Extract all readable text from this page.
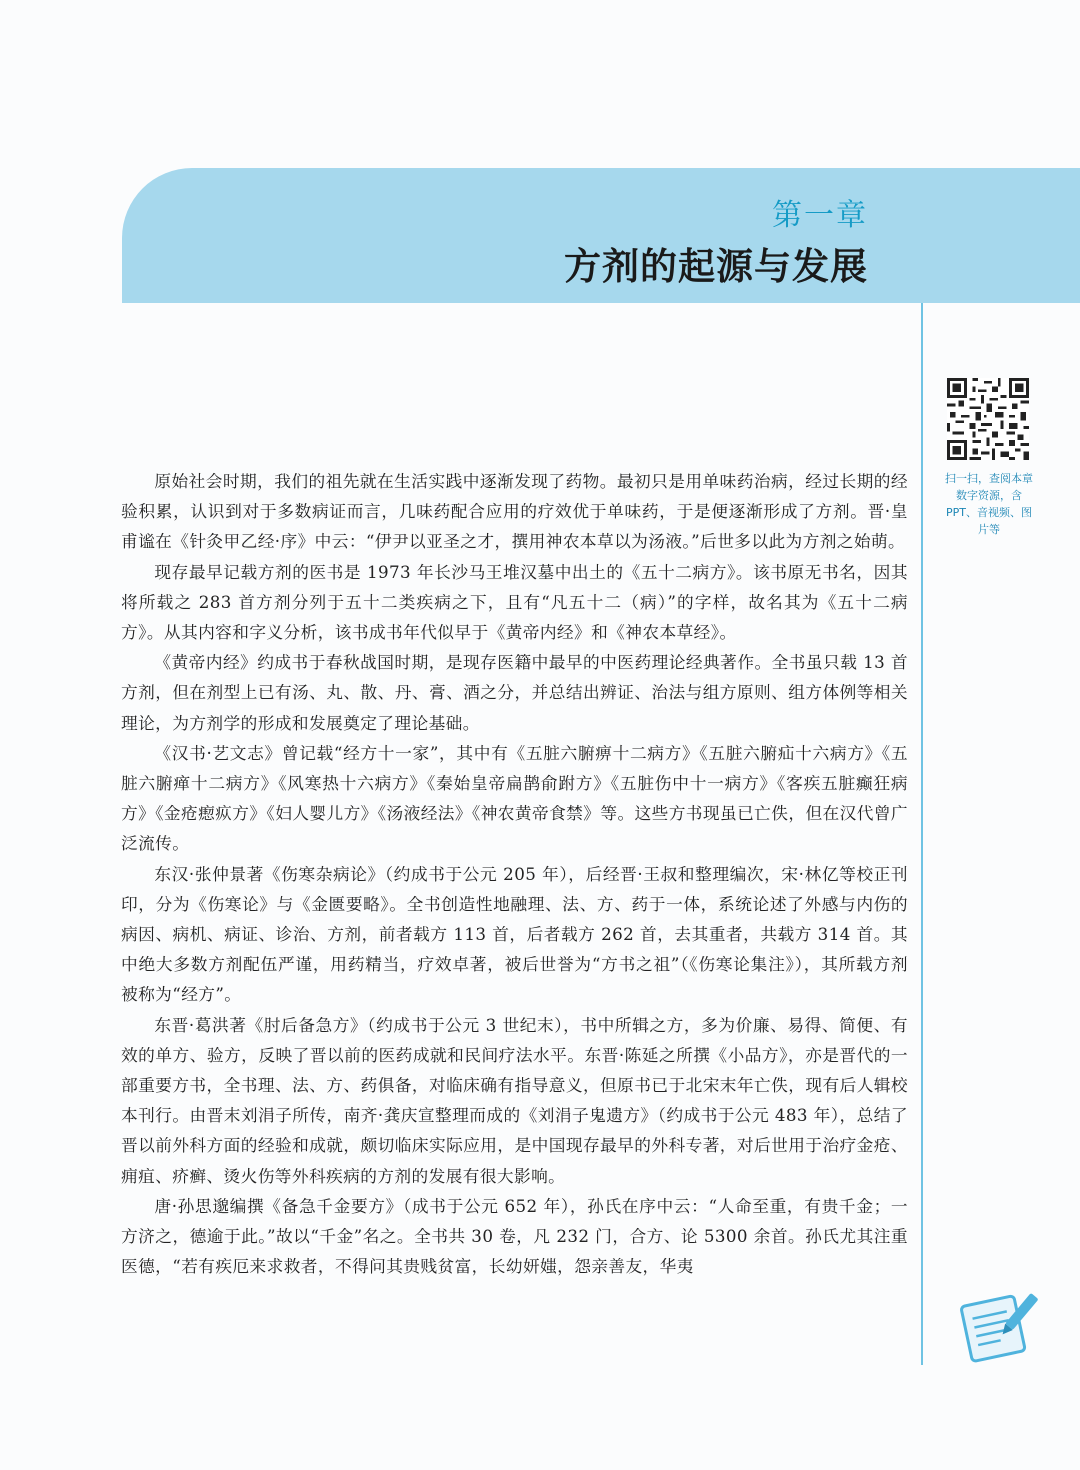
第一章
方剂的起源与发展
扫一扫，查阅本章数字资源，含 PPT、音视频、图片等

原始社会时期，我们的祖先就在生活实践中逐渐发现了药物。最初只是用单味药治病，经过长期的经验积累，认识到对于多数病证而言，几味药配合应用的疗效优于单味药，于是便逐渐形成了方剂。晋·皇甫谧在《针灸甲乙经·序》中云：“伊尹以亚圣之才，撰用神农本草以为汤液。”后世多以此为方剂之始萌。

现存最早记载方剂的医书是 1973 年长沙马王堆汉墓中出土的《五十二病方》。该书原无书名，因其将所载之 283 首方剂分列于五十二类疾病之下，且有“凡五十二（病）”的字样，故名其为《五十二病方》。从其内容和字义分析，该书成书年代似早于《黄帝内经》和《神农本草经》。

《黄帝内经》约成书于春秋战国时期，是现存医籍中最早的中医药理论经典著作。全书虽只载 13 首方剂，但在剂型上已有汤、丸、散、丹、膏、酒之分，并总结出辨证、治法与组方原则、组方体例等相关理论，为方剂学的形成和发展奠定了理论基础。

《汉书·艺文志》曾记载“经方十一家”，其中有《五脏六腑痹十二病方》《五脏六腑疝十六病方》《五脏六腑瘅十二病方》《风寒热十六病方》《秦始皇帝扁鹊俞跗方》《五脏伤中十一病方》《客疾五脏癫狂病方》《金疮瘛疭方》《妇人婴儿方》《汤液经法》《神农黄帝食禁》等。这些方书现虽已亡佚，但在汉代曾广泛流传。

东汉·张仲景著《伤寒杂病论》（约成书于公元 205 年），后经晋·王叔和整理编次，宋·林亿等校正刊印，分为《伤寒论》与《金匮要略》。全书创造性地融理、法、方、药于一体，系统论述了外感与内伤的病因、病机、病证、诊治、方剂，前者载方 113 首，后者载方 262 首，去其重者，共载方 314 首。其中绝大多数方剂配伍严谨，用药精当，疗效卓著，被后世誉为“方书之祖”（《伤寒论集注》），其所载方剂被称为“经方”。

东晋·葛洪著《肘后备急方》（约成书于公元 3 世纪末），书中所辑之方，多为价廉、易得、简便、有效的单方、验方，反映了晋以前的医药成就和民间疗法水平。东晋·陈延之所撰《小品方》，亦是晋代的一部重要方书，全书理、法、方、药俱备，对临床确有指导意义，但原书已于北宋末年亡佚，现有后人辑校本刊行。由晋末刘涓子所传，南齐·龚庆宣整理而成的《刘涓子鬼遗方》（约成书于公元 483 年），总结了晋以前外科方面的经验和成就，颇切临床实际应用，是中国现存最早的外科专著，对后世用于治疗金疮、痈疽、疥癣、烫火伤等外科疾病的方剂的发展有很大影响。

唐·孙思邈编撰《备急千金要方》（成书于公元 652 年），孙氏在序中云：“人命至重，有贵千金；一方济之，德逾于此。”故以“千金”名之。全书共 30 卷，凡 232 门，合方、论 5300 余首。孙氏尤其注重医德，“若有疾厄来求救者，不得问其贵贱贫富，长幼妍媸，怨亲善友，华夷
